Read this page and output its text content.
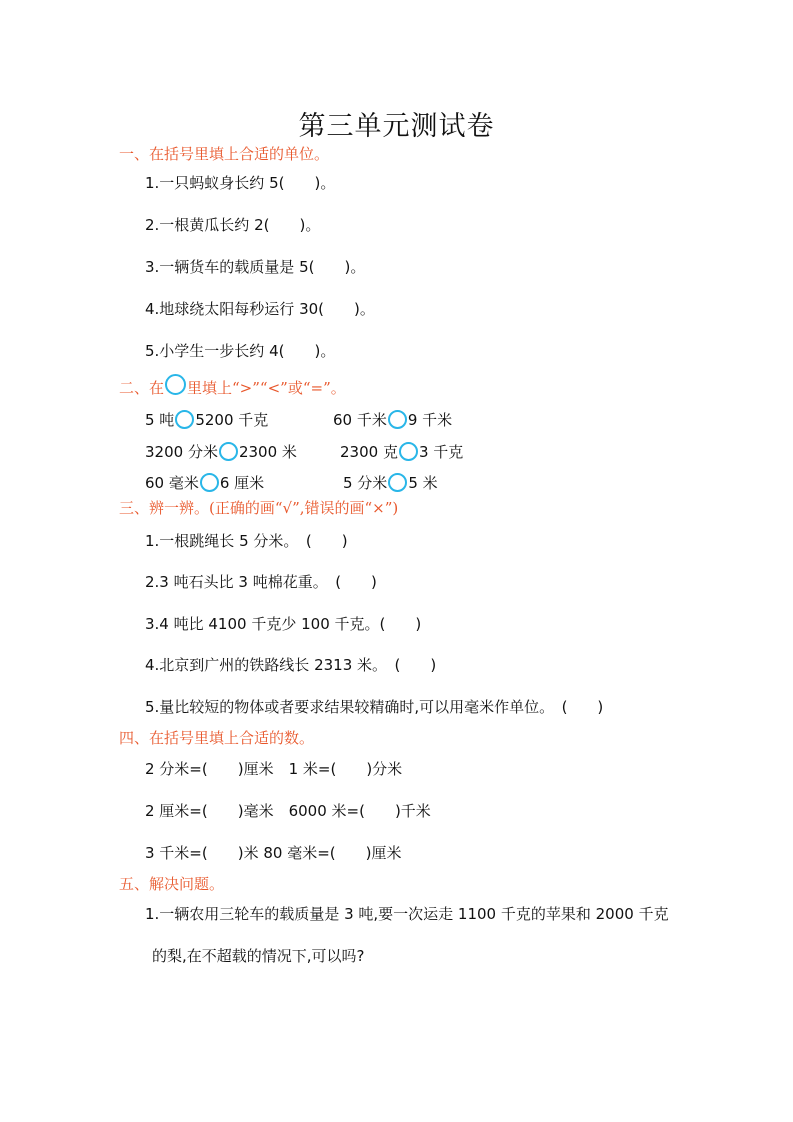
第三单元测试卷
一、在括号里填上合适的单位。
1.一只蚂蚁身长约 5(　　)。
2.一根黄瓜长约 2(　　)。
3.一辆货车的载质量是 5(　　)。
4.地球绕太阳每秒运行 30(　　)。
5.小学生一步长约 4(　　)。
二、在 里填上“>”“<”或“=”。
5 吨 5200 千克	60 千米 9 千米
3200 分米 2300 米	2300 克 3 千克
60 毫米 6 厘米	5 分米 5 米
三、辨一辨。(正确的画“√”,错误的画“×”)
1.一根跳绳长 5 分米。　(　　)
2.3 吨石头比 3 吨棉花重。　(　　)
3.4 吨比 4100 千克少 100 千克。(　　)
4.北京到广州的铁路线长 2313 米。　(　　)
5.量比较短的物体或者要求结果较精确时,可以用毫米作单位。　(　　)
四、在括号里填上合适的数。
2 分米=(　　)厘米　1 米=(　　)分米
2 厘米=(　　)毫米　6000 米=(　　)千米
3 千米=(　　)米 80 毫米=(　　)厘米
五、解决问题。
1.一辆农用三轮车的载质量是 3 吨,要一次运走 1100 千克的苹果和 2000 千克
的梨,在不超载的情况下,可以吗?
